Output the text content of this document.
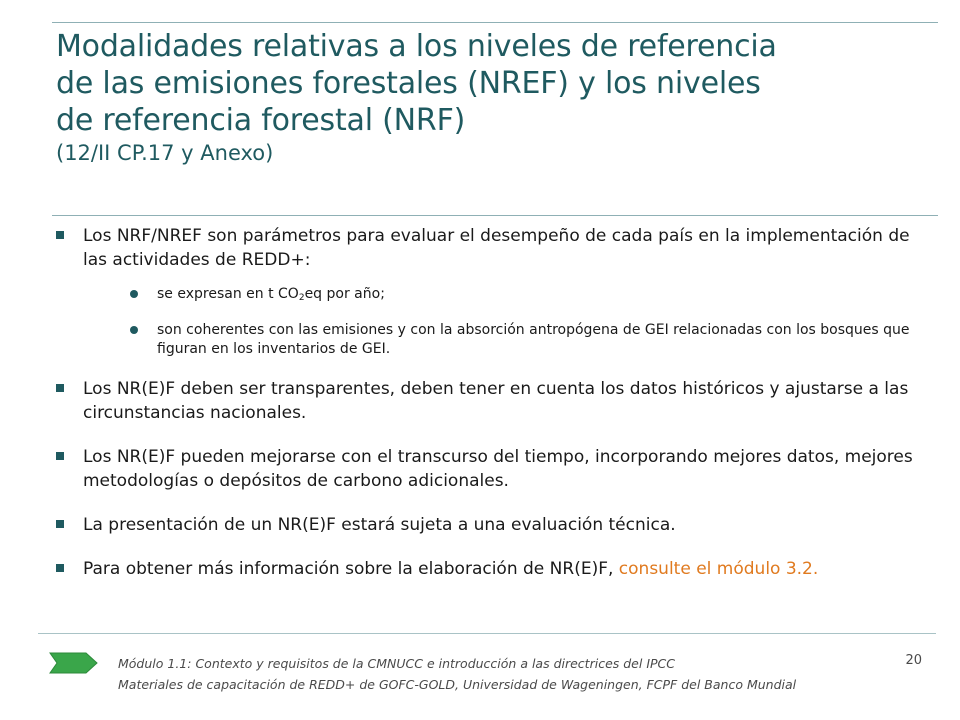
Modalidades relativas a los niveles de referencia
de las emisiones forestales (NREF) y los niveles
de referencia forestal (NRF)
(12/II CP.17 y Anexo)
Los NRF/NREF son parámetros para evaluar el desempeño de cada país en la implementación de las actividades de REDD+:
se expresan en t $CO_2eq$ por año;
son coherentes con las emisiones y con la absorción antropógena de GEI relacionadas con los bosques que figuran en los inventarios de GEI.
Los NR(E)F deben ser transparentes, deben tener en cuenta los datos históricos y ajustarse a las circunstancias nacionales.
Los NR(E)F pueden mejorarse con el transcurso del tiempo, incorporando mejores datos, mejores metodologías o depósitos de carbono adicionales.
La presentación de un NR(E)F estará sujeta a una evaluación técnica.
Para obtener más información sobre la elaboración de NR(E)F, consulte el módulo 3.2.
Módulo 1.1: Contexto y requisitos de la CMNUCC e introducción a las directrices del IPCC
Materiales de capacitación de REDD+ de GOFC-GOLD, Universidad de Wageningen, FCPF del Banco Mundial
20
